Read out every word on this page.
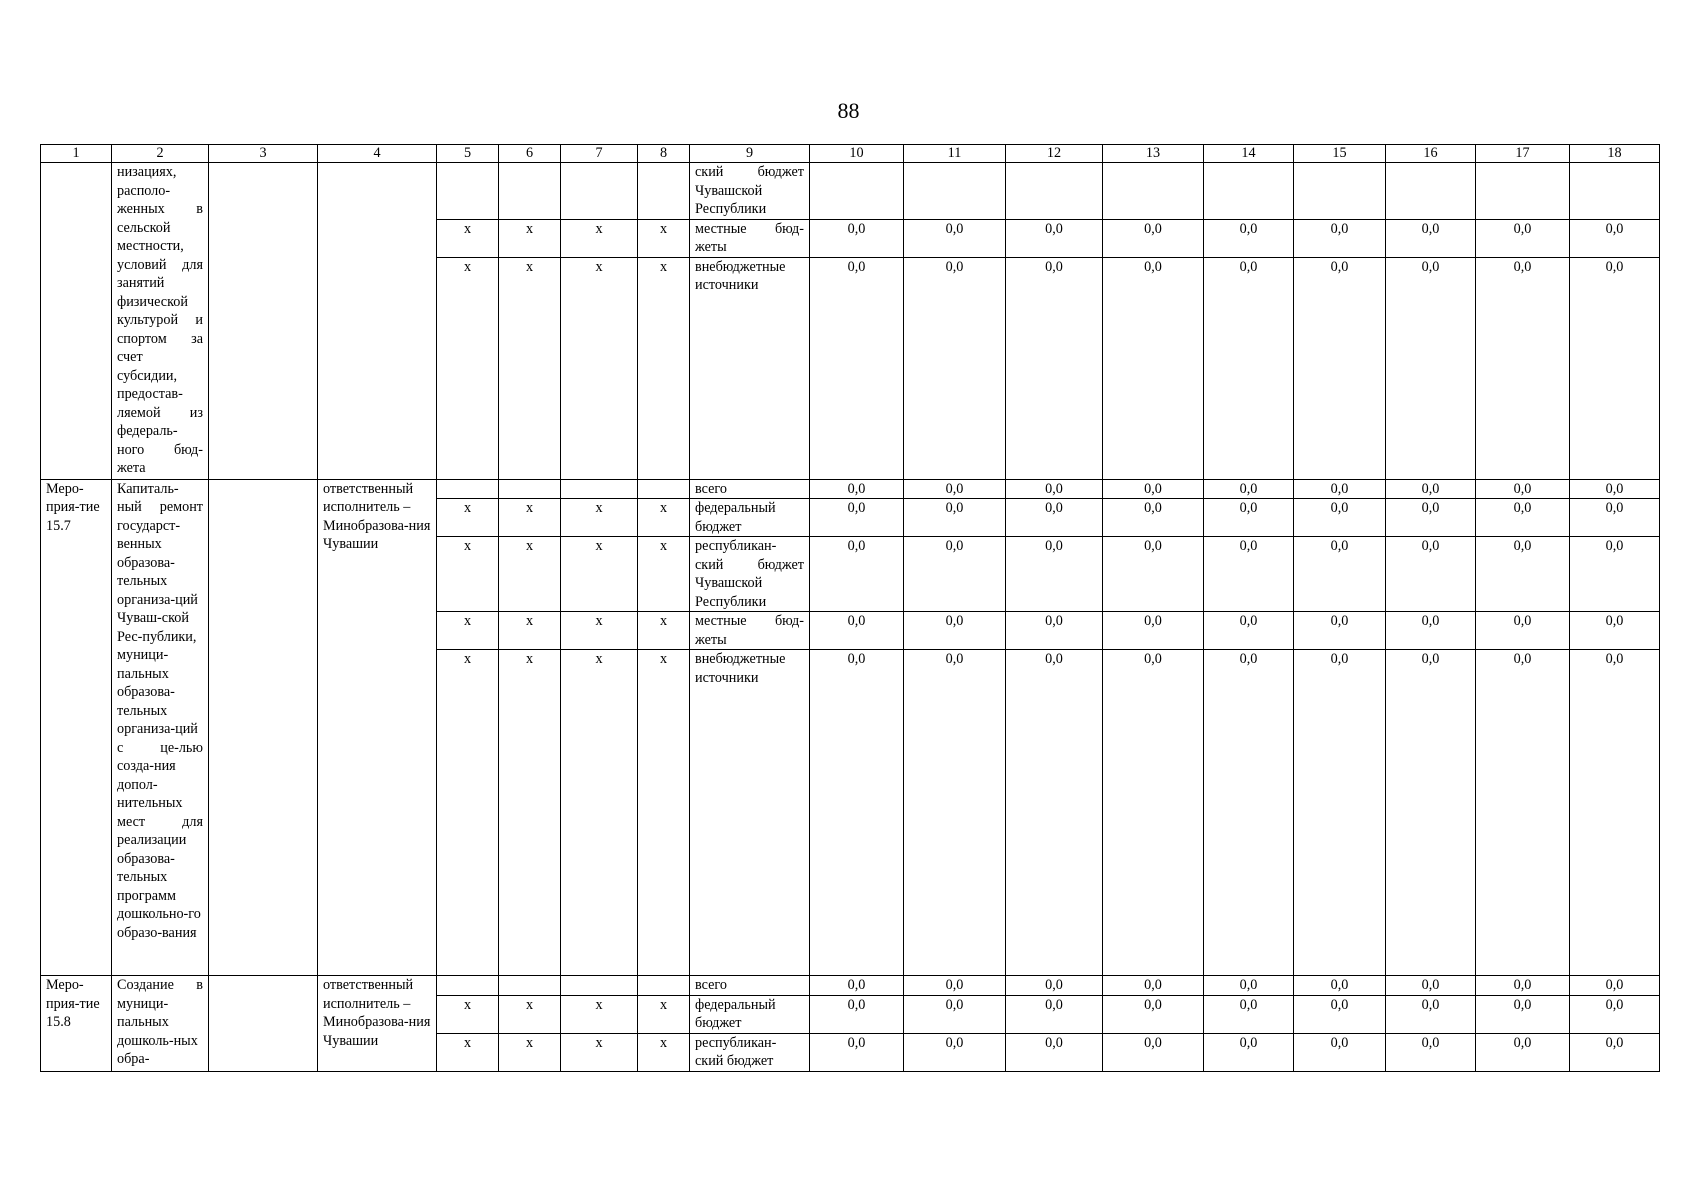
88
1	2	3	4	5	6	7	8	9	10	11	12	13	14	15	16	17	18
	низациях, располо-женных в сельской местности, условий для занятий физической культурой и спортом за счет субсидии, предостав-ляемой из федераль-ного бюд-жета							ский бюджет Чувашской Республики									
				х	х	х	х	местные бюд-жеты	0,0	0,0	0,0	0,0	0,0	0,0	0,0	0,0	0,0
				х	х	х	х	внебюджетные источники	0,0	0,0	0,0	0,0	0,0	0,0	0,0	0,0	0,0
Меро-прия-тие 15.7	Капиталь-ный ремонт государст-венных образова-тельных организа-ций Чуваш-ской Рес-публики, муници-пальных образова-тельных организа-ций с це-лью созда-ния допол-нительных мест для реализации образова-тельных программ дошкольно-го образо-вания		ответственный исполнитель – Минобразова-ния Чувашии					всего	0,0	0,0	0,0	0,0	0,0	0,0	0,0	0,0	0,0
				х	х	х	х	федеральный бюджет	0,0	0,0	0,0	0,0	0,0	0,0	0,0	0,0	0,0
				х	х	х	х	республикан-ский бюджет Чувашской Республики	0,0	0,0	0,0	0,0	0,0	0,0	0,0	0,0	0,0
				х	х	х	х	местные бюд-жеты	0,0	0,0	0,0	0,0	0,0	0,0	0,0	0,0	0,0
				х	х	х	х	внебюджетные источники	0,0	0,0	0,0	0,0	0,0	0,0	0,0	0,0	0,0
Меро-прия-тие 15.8	Создание в муници-пальных дошколь-ных обра-		ответственный исполнитель – Минобразова-ния Чувашии					всего	0,0	0,0	0,0	0,0	0,0	0,0	0,0	0,0	0,0
				х	х	х	х	федеральный бюджет	0,0	0,0	0,0	0,0	0,0	0,0	0,0	0,0	0,0
				х	х	х	х	республикан-ский бюджет	0,0	0,0	0,0	0,0	0,0	0,0	0,0	0,0	0,0
